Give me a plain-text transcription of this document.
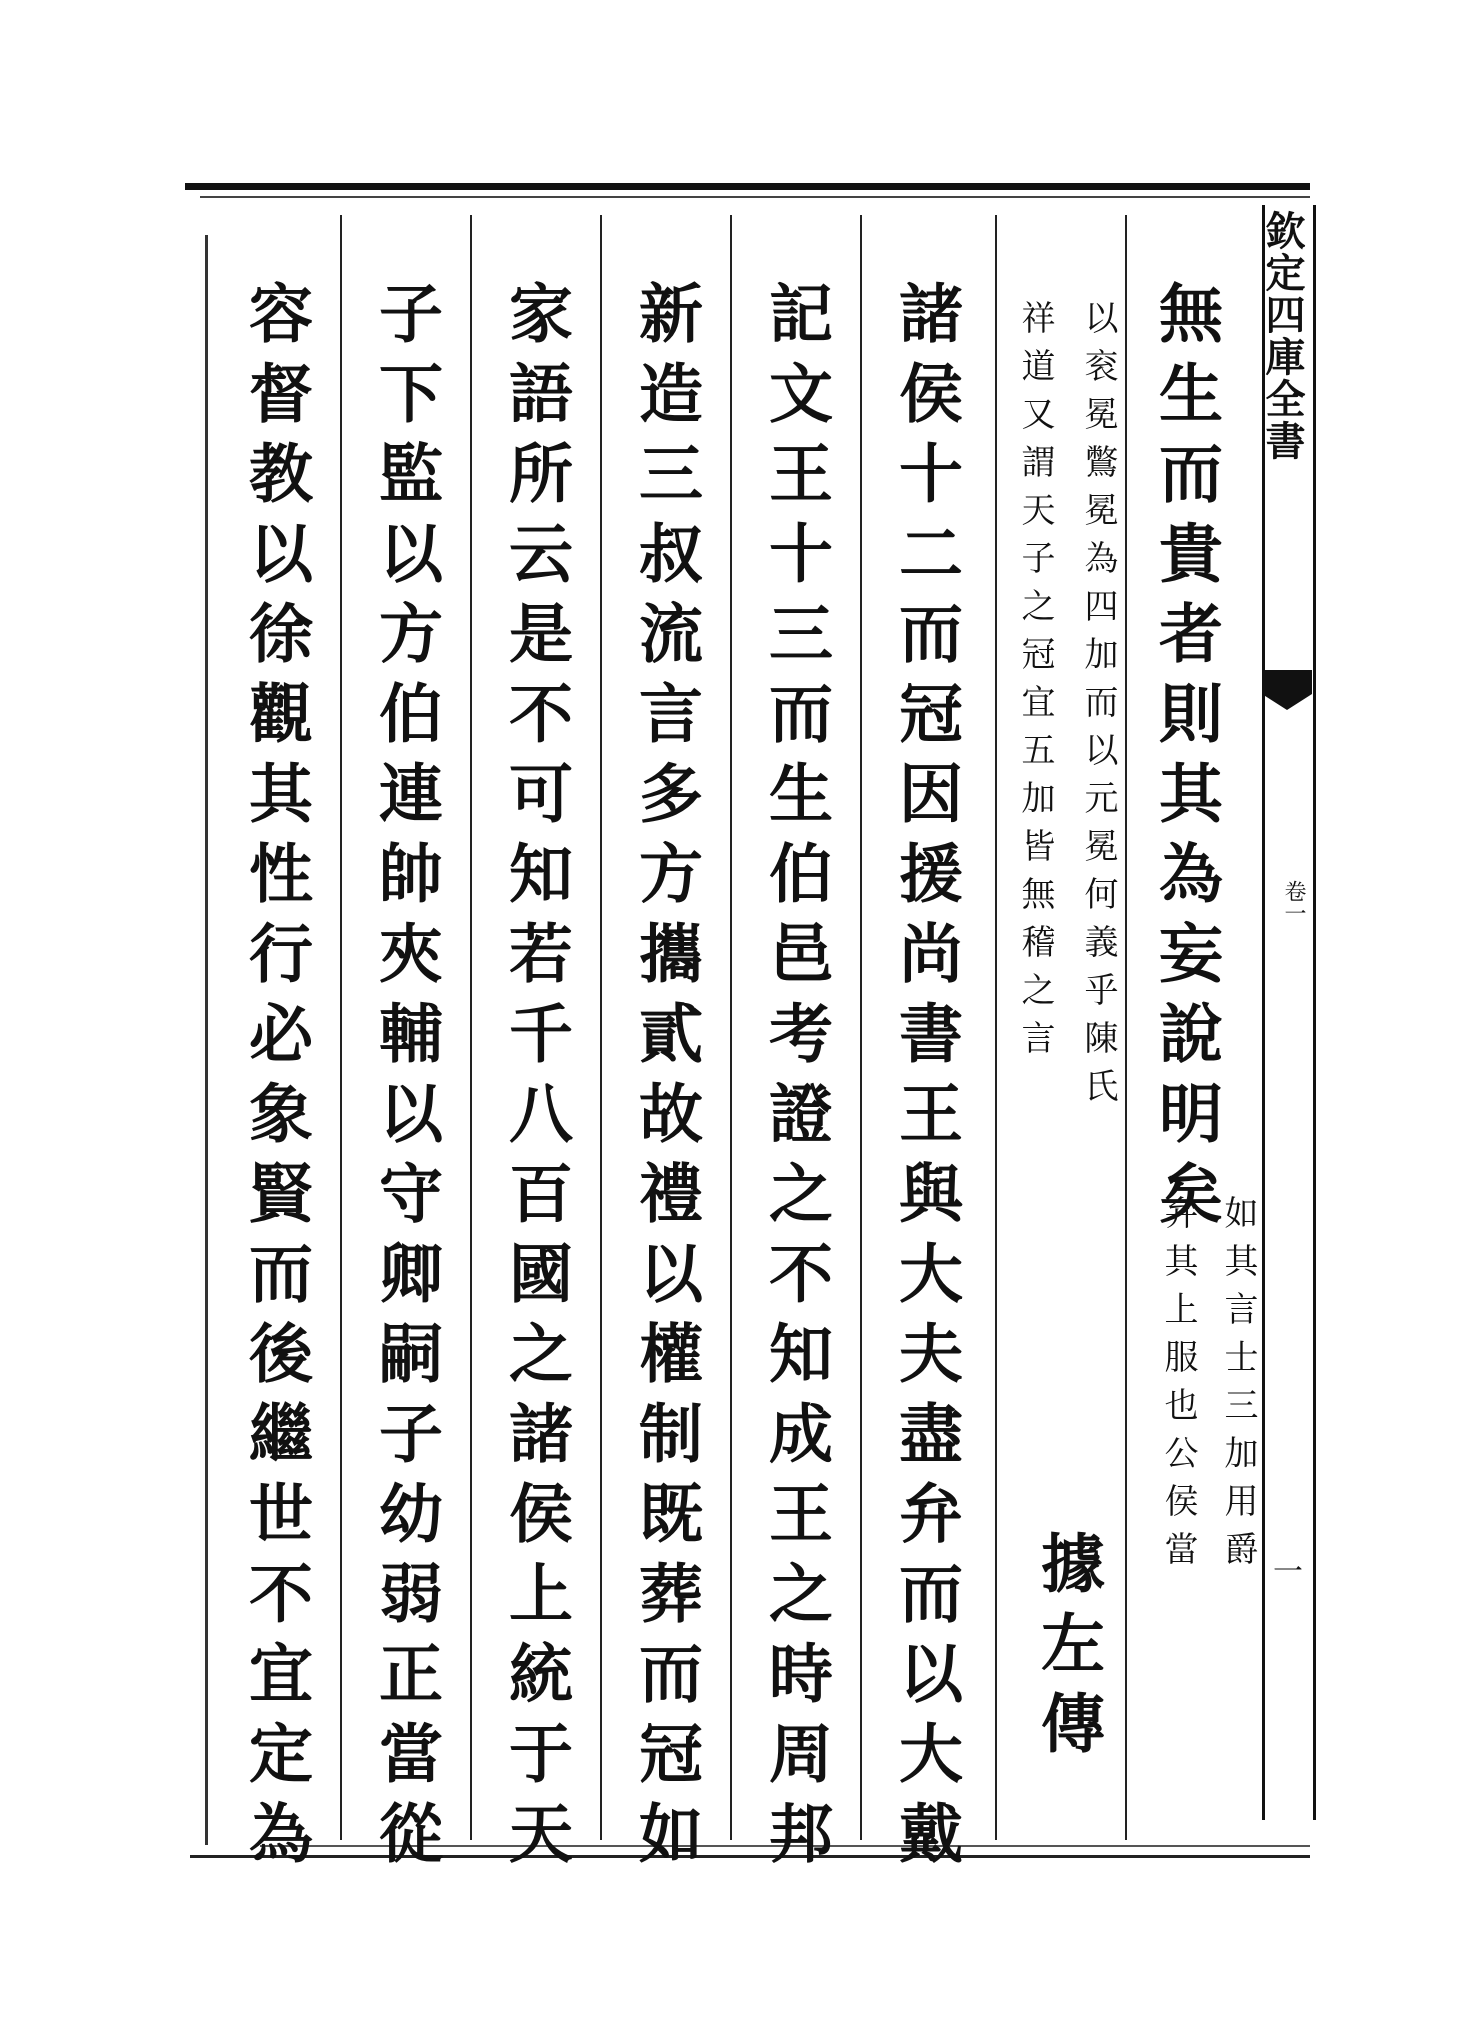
欽定四庫全書
卷一
一
無生而貴者則其為妄說明矣
如其言士三加用爵
弁其上服也公侯當
以衮冕鷩冕為四加而以元冕何義乎陳氏
祥道又謂天子之冠宜五加皆無稽之言
據左傳
諸侯十二而冠因援尚書王與大夫盡弁而以大戴
記文王十三而生伯邑考證之不知成王之時周邦
新造三叔流言多方攜貳故禮以權制既葬而冠如
家語所云是不可知若千八百國之諸侯上統于天
子下監以方伯連帥夾輔以守卿嗣子幼弱正當從
容督教以徐觀其性行必象賢而後繼世不宜定為
